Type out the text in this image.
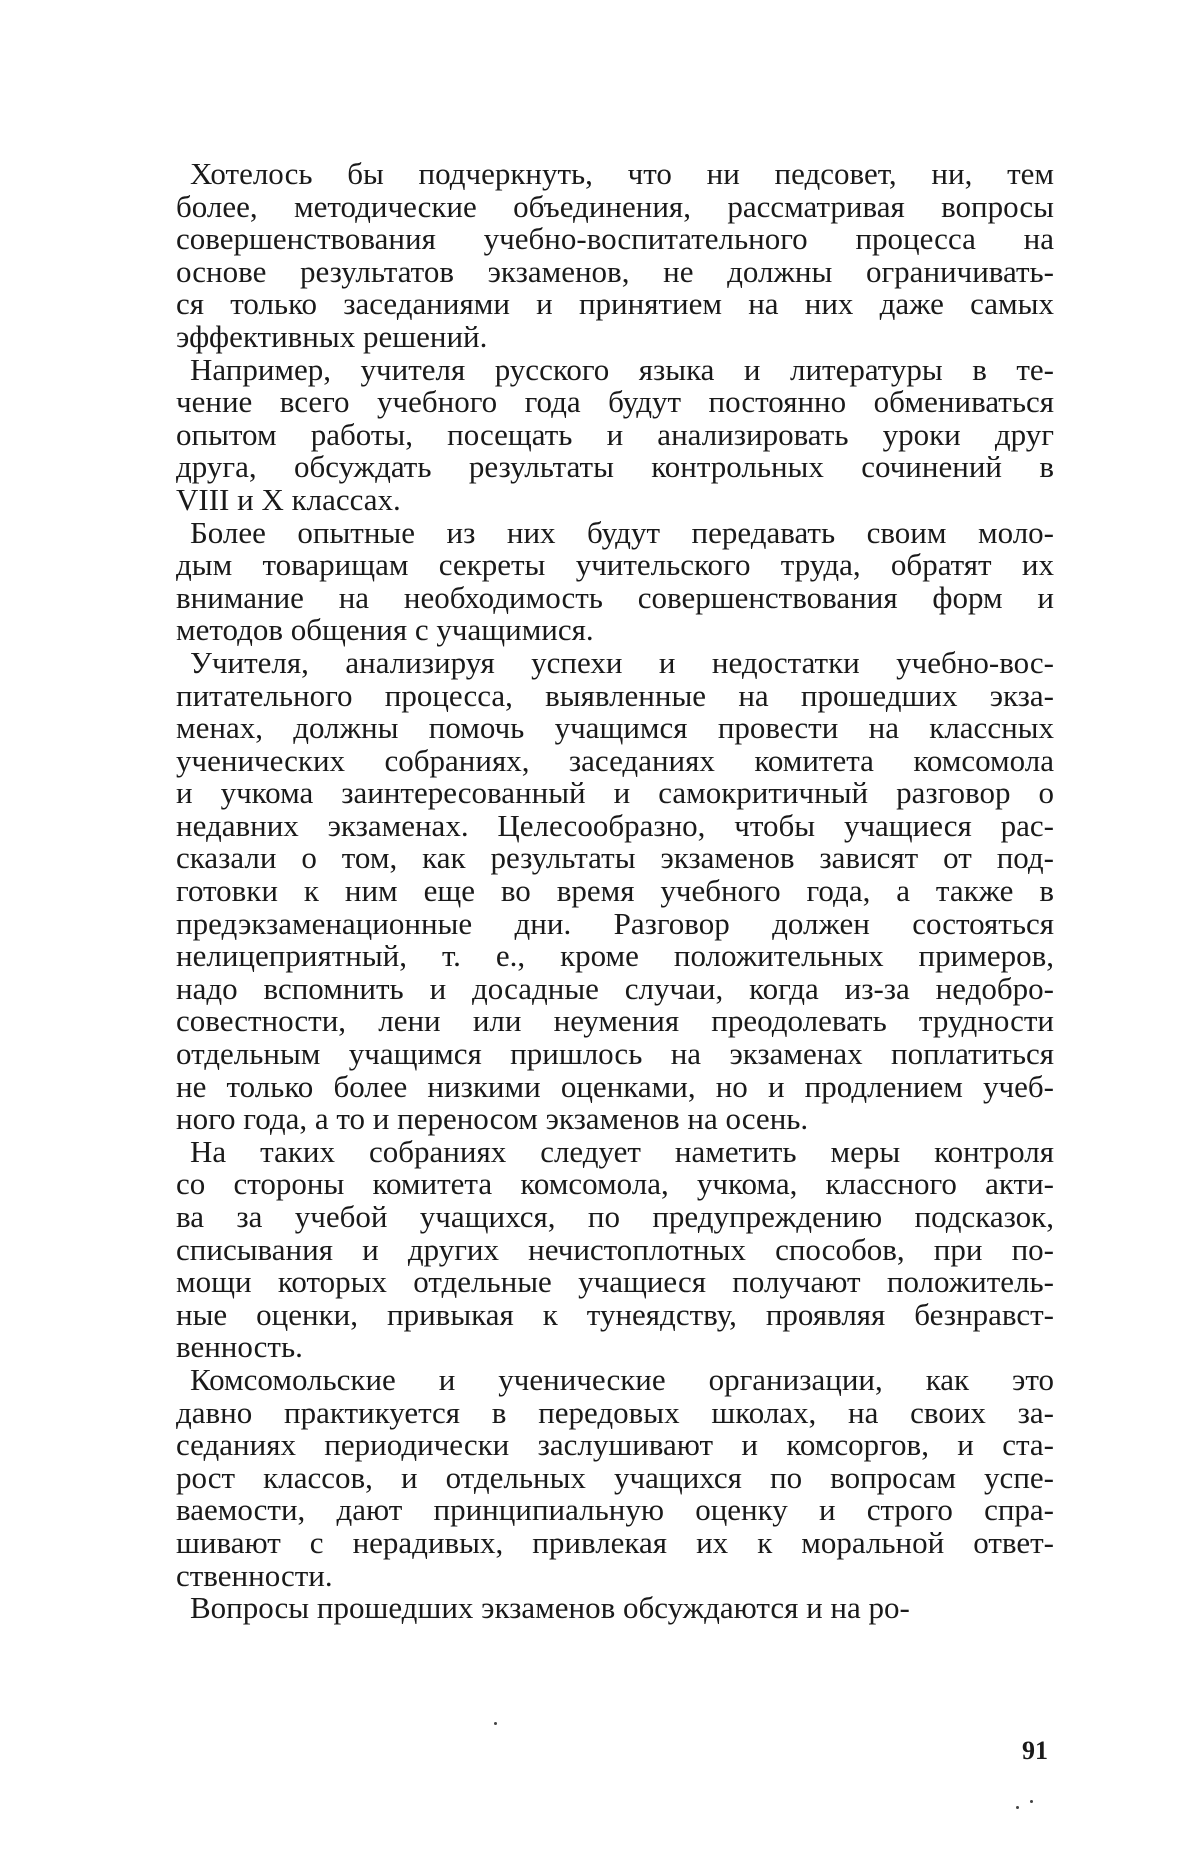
Хотелось бы подчеркнуть, что ни педсовет, ни, тем
более, методические объединения, рассматривая вопросы
совершенствования учебно-воспитательного процесса на
основе результатов экзаменов, не должны ограничивать-
ся только заседаниями и принятием на них даже самых
эффективных решений.
Например, учителя русского языка и литературы в те-
чение всего учебного года будут постоянно обмениваться
опытом работы, посещать и анализировать уроки друг
друга, обсуждать результаты контрольных сочинений в
VIII и X классах.
Более опытные из них будут передавать своим моло-
дым товарищам секреты учительского труда, обратят их
внимание на необходимость совершенствования форм и
методов общения с учащимися.
Учителя, анализируя успехи и недостатки учебно-вос-
питательного процесса, выявленные на прошедших экза-
менах, должны помочь учащимся провести на классных
ученических собраниях, заседаниях комитета комсомола
и учкома заинтересованный и самокритичный разговор о
недавних экзаменах. Целесообразно, чтобы учащиеся рас-
сказали о том, как результаты экзаменов зависят от под-
готовки к ним еще во время учебного года, а также в
предэкзаменационные дни. Разговор должен состояться
нелицеприятный, т. е., кроме положительных примеров,
надо вспомнить и досадные случаи, когда из-за недобро-
совестности, лени или неумения преодолевать трудности
отдельным учащимся пришлось на экзаменах поплатиться
не только более низкими оценками, но и продлением учеб-
ного года, а то и переносом экзаменов на осень.
На таких собраниях следует наметить меры контроля
со стороны комитета комсомола, учкома, классного акти-
ва за учебой учащихся, по предупреждению подсказок,
списывания и других нечистоплотных способов, при по-
мощи которых отдельные учащиеся получают положитель-
ные оценки, привыкая к тунеядству, проявляя безнравст-
венность.
Комсомольские и ученические организации, как это
давно практикуется в передовых школах, на своих за-
седаниях периодически заслушивают и комсоргов, и ста-
рост классов, и отдельных учащихся по вопросам успе-
ваемости, дают принципиальную оценку и строго спра-
шивают с нерадивых, привлекая их к моральной ответ-
ственности.
Вопросы прошедших экзаменов обсуждаются и на ро-
91
